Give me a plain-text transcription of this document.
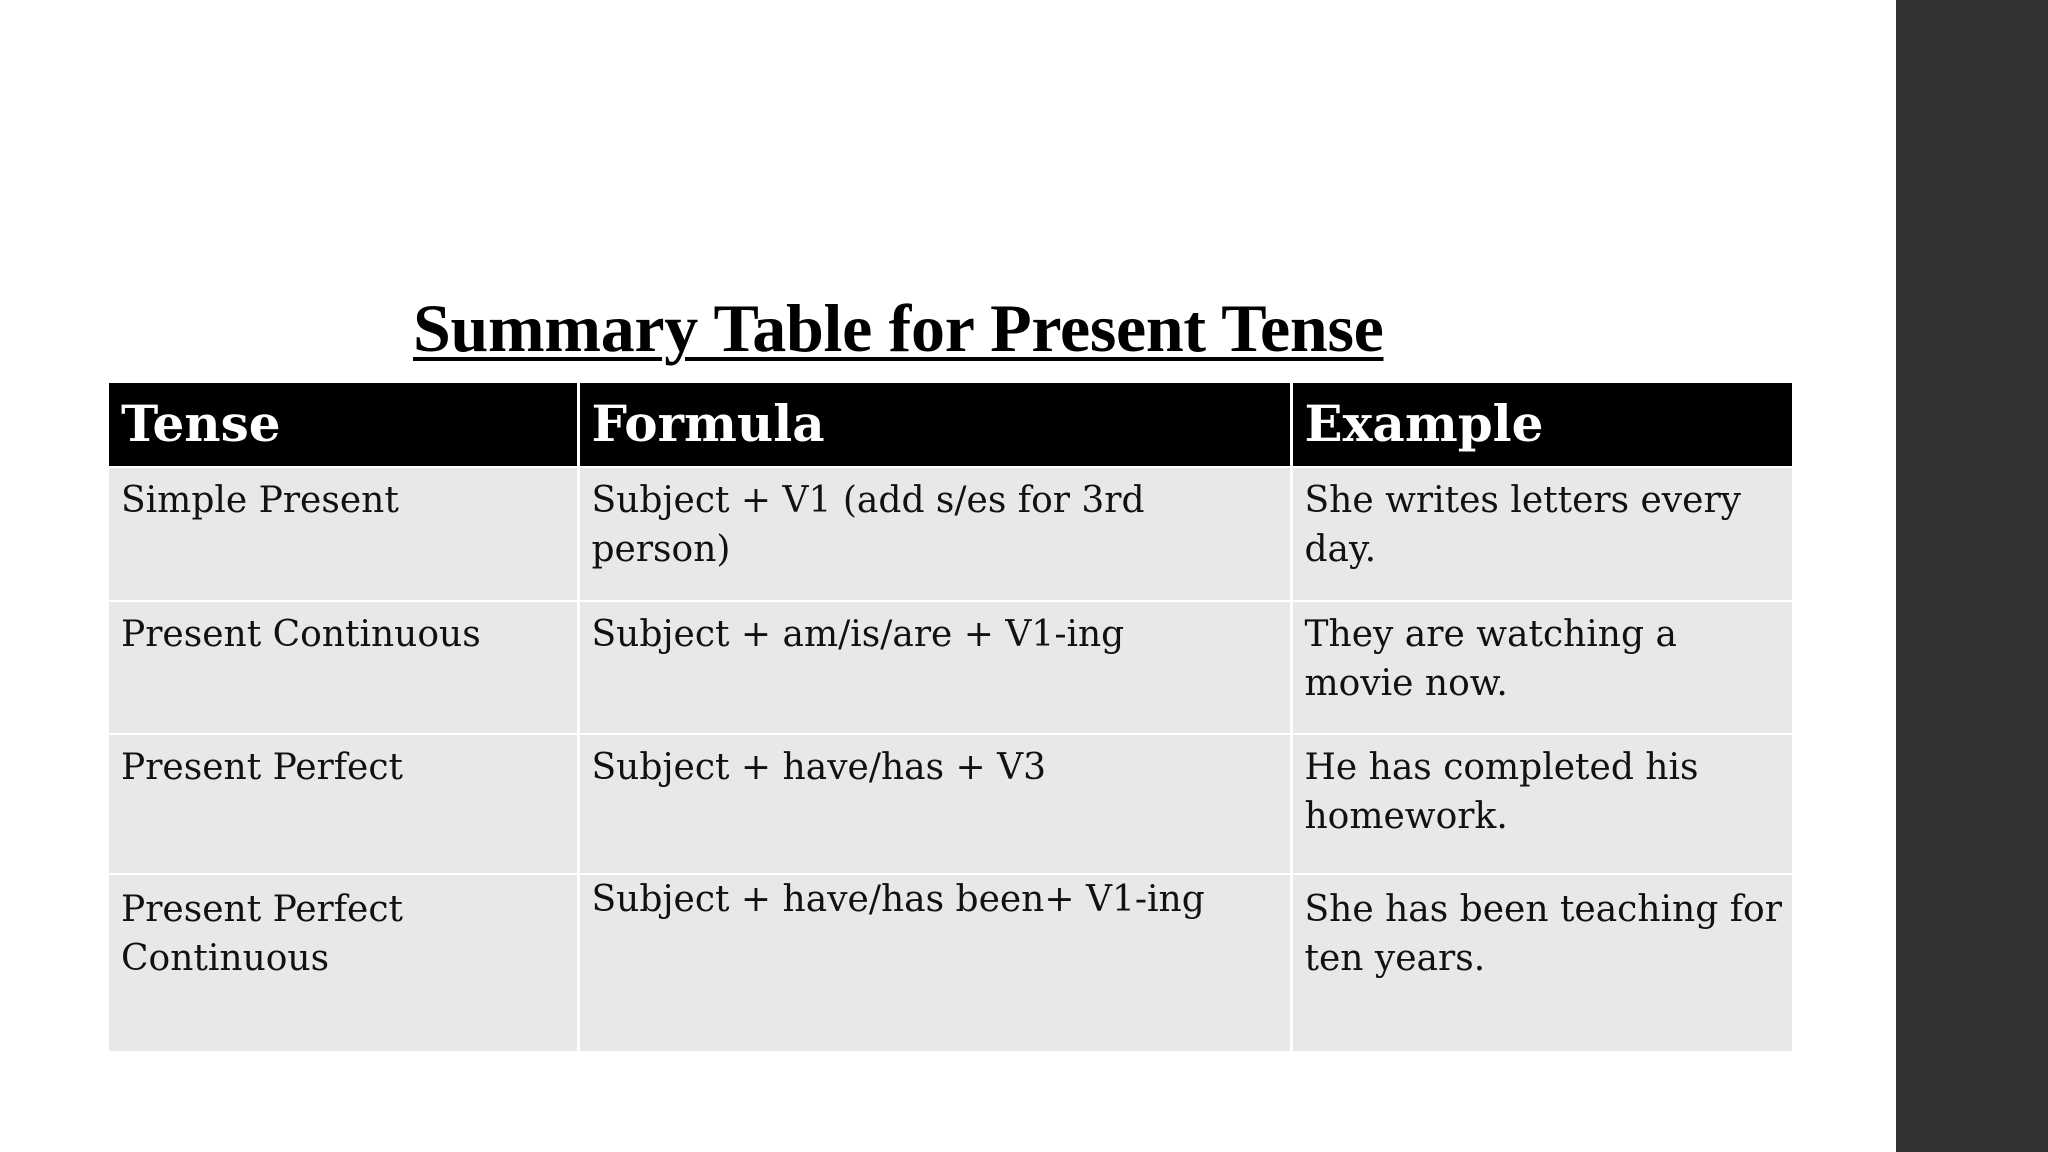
Summary Table for Present Tense
Tense	Formula	Example
Simple Present	Subject + V1 (add s/es for 3rd person)	She writes letters every day.
Present Continuous	Subject + am/is/are + V1-ing	They are watching a movie now.
Present Perfect	Subject + have/has + V3	He has completed his homework.
Present Perfect Continuous	Subject + have/has been+ V1-ing	She has been teaching for ten years.
